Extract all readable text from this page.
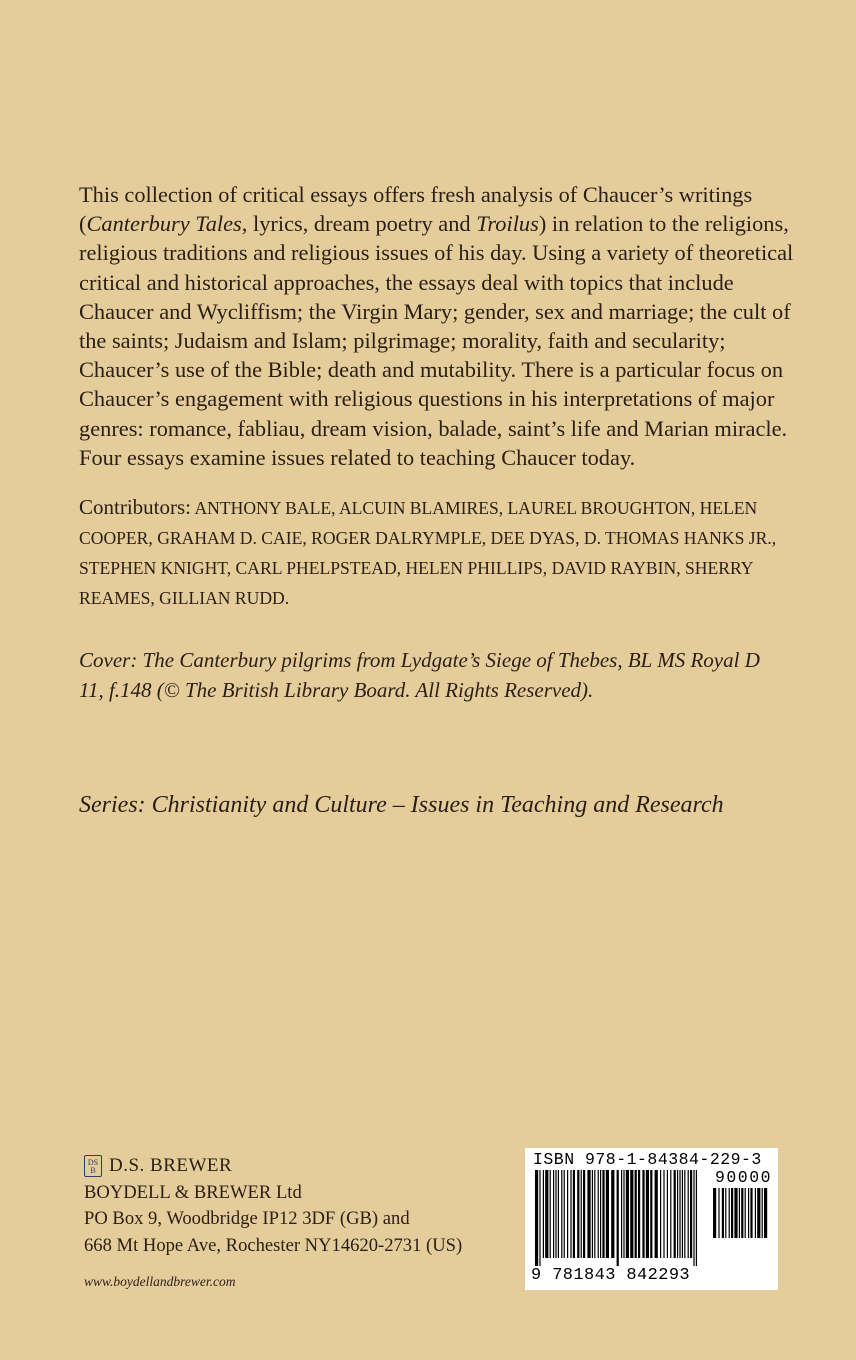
This collection of critical essays offers fresh analysis of Chaucer’s writings (Canterbury Tales, lyrics, dream poetry and Troilus) in relation to the religions, religious traditions and religious issues of his day. Using a variety of theoretical critical and historical approaches, the essays deal with topics that include Chaucer and Wycliffism; the Virgin Mary; gender, sex and marriage; the cult of the saints; Judaism and Islam; pilgrimage; morality, faith and secularity; Chaucer’s use of the Bible; death and mutability. There is a particular focus on Chaucer’s engagement with religious questions in his interpretations of major genres: romance, fabliau, dream vision, balade, saint’s life and Marian miracle. Four essays examine issues related to teaching Chaucer today.

Contributors: ANTHONY BALE, ALCUIN BLAMIRES, LAUREL BROUGHTON, HELEN COOPER, GRAHAM D. CAIE, ROGER DALRYMPLE, DEE DYAS, D. THOMAS HANKS JR., STEPHEN KNIGHT, CARL PHELPSTEAD, HELEN PHILLIPS, DAVID RAYBIN, SHERRY REAMES, GILLIAN RUDD.

Cover: The Canterbury pilgrims from Lydgate’s Siege of Thebes, BL MS Royal D 11, f.148 (© The British Library Board. All Rights Reserved).

Series: Christianity and Culture – Issues in Teaching and Research

DS
B D.S. BREWER
BOYDELL & BREWER Ltd
PO Box 9, Woodbridge IP12 3DF (GB) and
668 Mt Hope Ave, Rochester NY14620-2731 (US)
www.boydellandbrewer.com
ISBN 978-1-84384-229-3
90000
9 781843 842293
